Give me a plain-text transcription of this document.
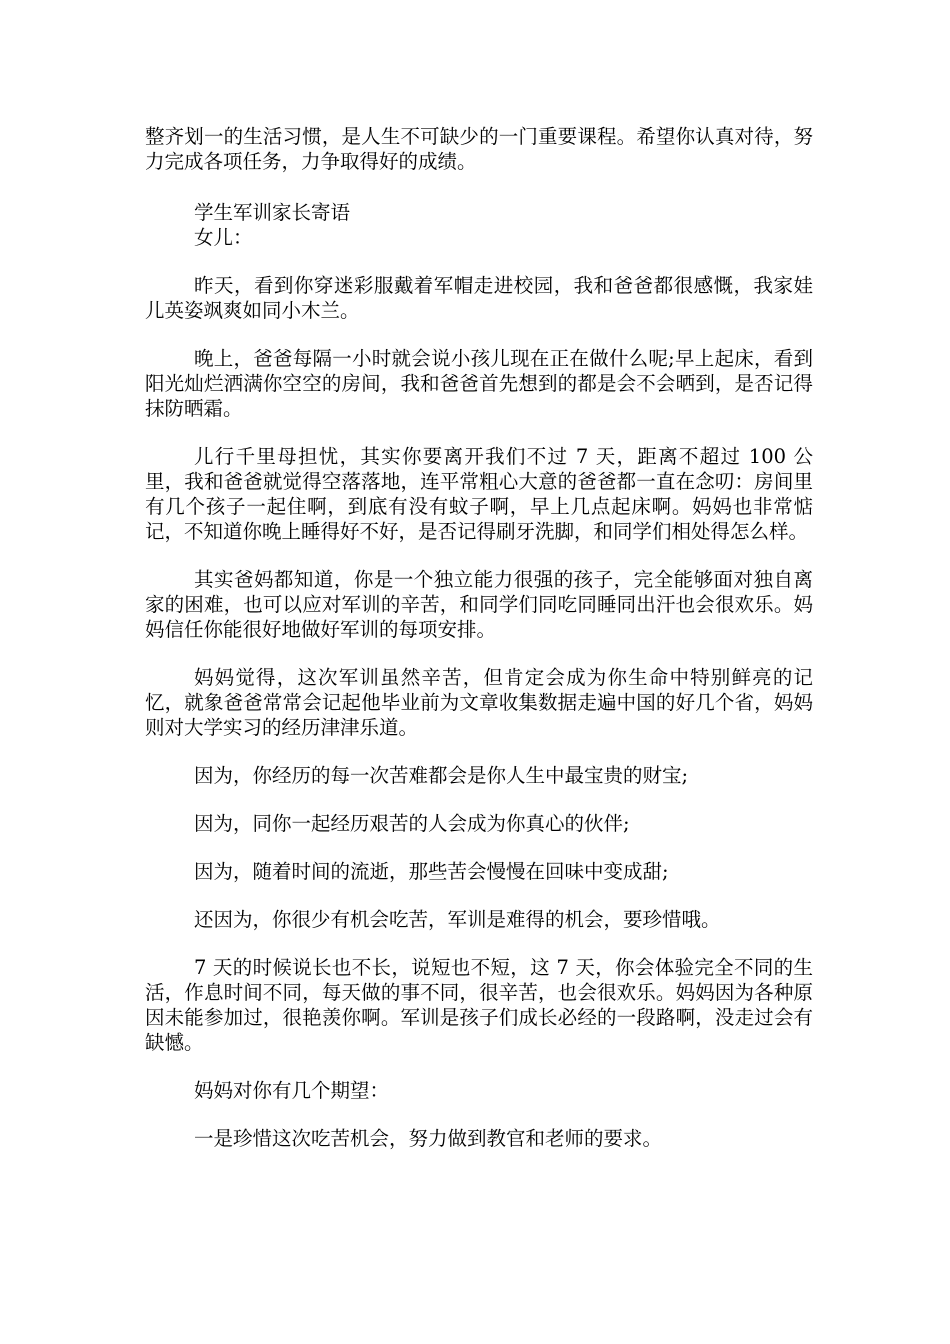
整齐划一的生活习惯，是人生不可缺少的一门重要课程。希望你认真对待，努力完成各项任务，力争取得好的成绩。

学生军训家长寄语

女儿：

昨天，看到你穿迷彩服戴着军帽走进校园，我和爸爸都很感慨，我家娃儿英姿飒爽如同小木兰。

晚上，爸爸每隔一小时就会说小孩儿现在正在做什么呢;早上起床，看到阳光灿烂洒满你空空的房间，我和爸爸首先想到的都是会不会晒到，是否记得抹防晒霜。

儿行千里母担忧，其实你要离开我们不过 7 天，距离不超过 100 公里，我和爸爸就觉得空落落地，连平常粗心大意的爸爸都一直在念叨：房间里有几个孩子一起住啊，到底有没有蚊子啊，早上几点起床啊。妈妈也非常惦记，不知道你晚上睡得好不好，是否记得刷牙洗脚，和同学们相处得怎么样。

其实爸妈都知道，你是一个独立能力很强的孩子，完全能够面对独自离家的困难，也可以应对军训的辛苦，和同学们同吃同睡同出汗也会很欢乐。妈妈信任你能很好地做好军训的每项安排。

妈妈觉得，这次军训虽然辛苦，但肯定会成为你生命中特别鲜亮的记忆，就象爸爸常常会记起他毕业前为文章收集数据走遍中国的好几个省，妈妈则对大学实习的经历津津乐道。

因为，你经历的每一次苦难都会是你人生中最宝贵的财宝;

因为，同你一起经历艰苦的人会成为你真心的伙伴;

因为，随着时间的流逝，那些苦会慢慢在回味中变成甜;

还因为，你很少有机会吃苦，军训是难得的机会，要珍惜哦。

7 天的时候说长也不长，说短也不短，这 7 天，你会体验完全不同的生活，作息时间不同，每天做的事不同，很辛苦，也会很欢乐。妈妈因为各种原因未能参加过，很艳羡你啊。军训是孩子们成长必经的一段路啊，没走过会有缺憾。

妈妈对你有几个期望：

一是珍惜这次吃苦机会，努力做到教官和老师的要求。
